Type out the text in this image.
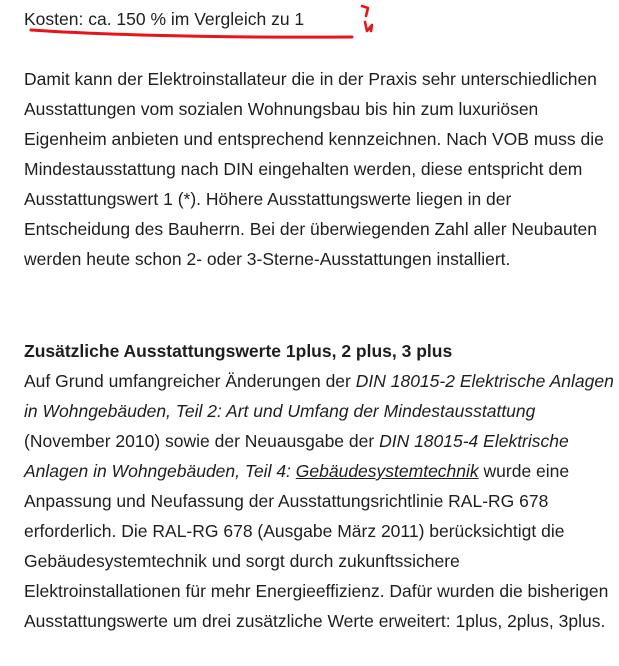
Kosten: ca. 150 % im Vergleich zu 1

Damit kann der Elektroinstallateur die in der Praxis sehr unterschiedlichen Ausstattungen vom sozialen Wohnungsbau bis hin zum luxuriösen Eigenheim anbieten und entsprechend kennzeichnen. Nach VOB muss die Mindestausstattung nach DIN eingehalten werden, diese entspricht dem Ausstattungswert 1 (*). Höhere Ausstattungswerte liegen in der Entscheidung des Bauherrn. Bei der überwiegenden Zahl aller Neubauten werden heute schon 2- oder 3-Sterne-Ausstattungen installiert.

Zusätzliche Ausstattungswerte 1plus, 2 plus, 3 plus

Auf Grund umfangreicher Änderungen der DIN 18015-2 Elektrische Anlagen in Wohngebäuden, Teil 2: Art und Umfang der Mindestausstattung (November 2010) sowie der Neuausgabe der DIN 18015-4 Elektrische Anlagen in Wohngebäuden, Teil 4: Gebäudesystemtechnik wurde eine Anpassung und Neufassung der Ausstattungsrichtlinie RAL-RG 678 erforderlich. Die RAL-RG 678 (Ausgabe März 2011) berücksichtigt die Gebäudesystemtechnik und sorgt durch zukunftssichere Elektroinstallationen für mehr Energieeffizienz. Dafür wurden die bisherigen Ausstattungswerte um drei zusätzliche Werte erweitert: 1plus, 2plus, 3plus.
